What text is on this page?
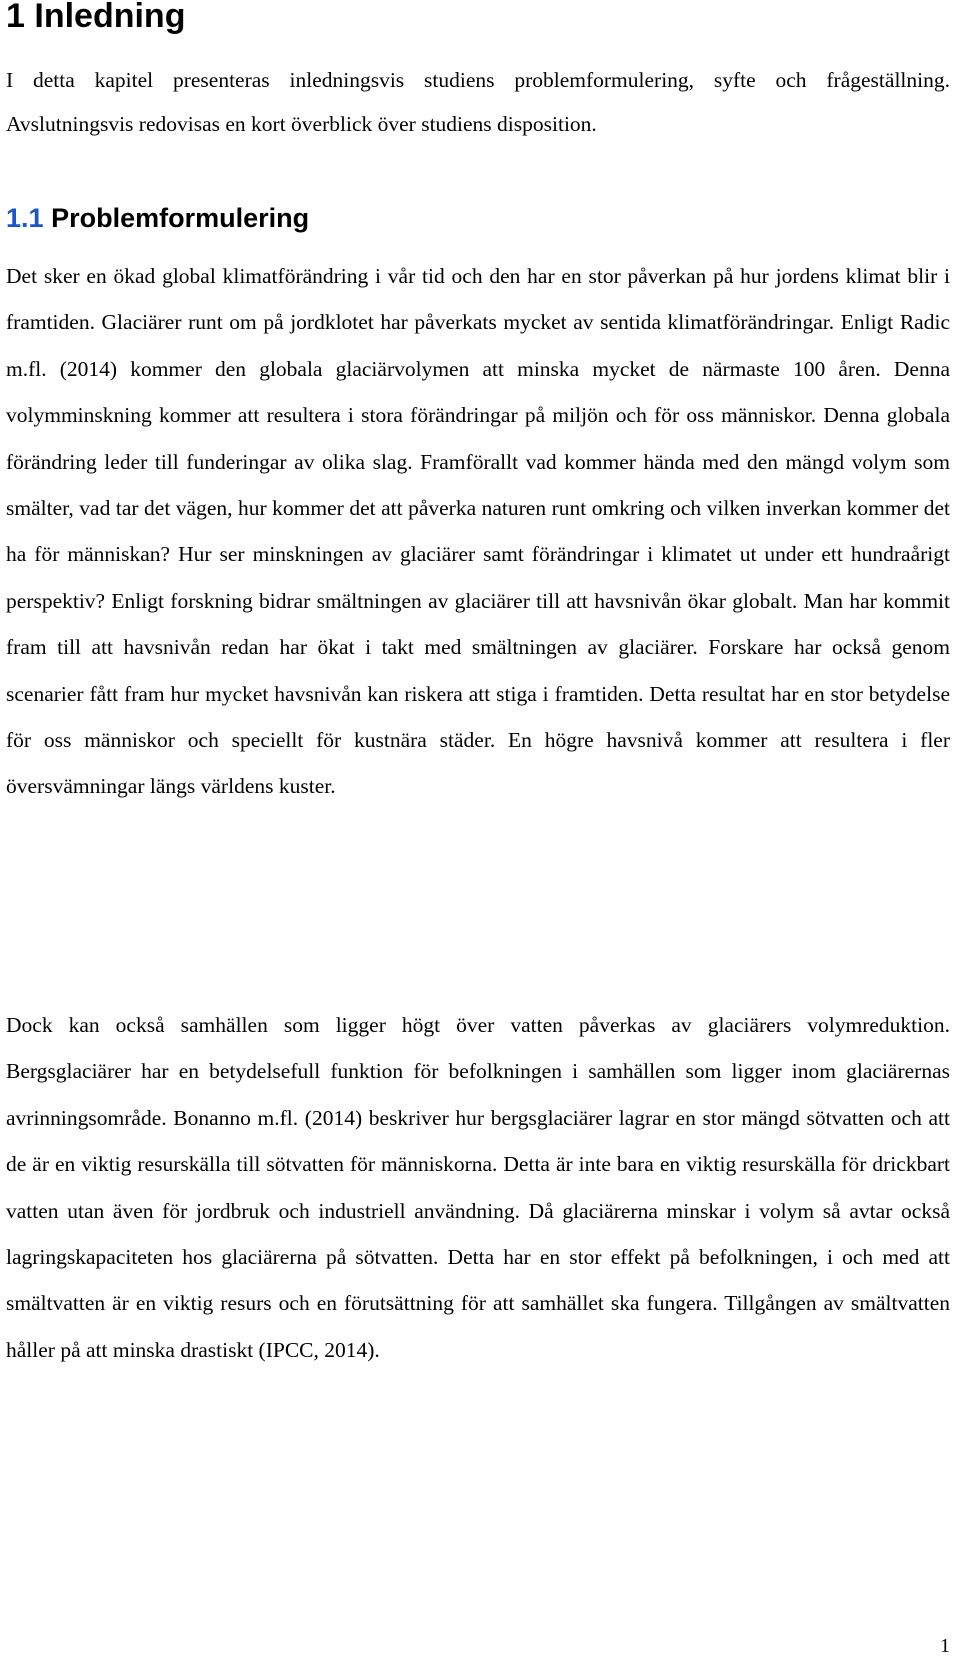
1 Inledning

I detta kapitel presenteras inledningsvis studiens problemformulering, syfte och frågeställning. Avslutningsvis redovisas en kort överblick över studiens disposition.

1.1 Problemformulering

Det sker en ökad global klimatförändring i vår tid och den har en stor påverkan på hur jordens klimat blir i framtiden. Glaciärer runt om på jordklotet har påverkats mycket av sentida klimatförändringar. Enligt Radic m.fl. (2014) kommer den globala glaciärvolymen att minska mycket de närmaste 100 åren. Denna volymminskning kommer att resultera i stora förändringar på miljön och för oss människor. Denna globala förändring leder till funderingar av olika slag. Framförallt vad kommer hända med den mängd volym som smälter, vad tar det vägen, hur kommer det att påverka naturen runt omkring och vilken inverkan kommer det ha för människan? Hur ser minskningen av glaciärer samt förändringar i klimatet ut under ett hundraårigt perspektiv? Enligt forskning bidrar smältningen av glaciärer till att havsnivån ökar globalt. Man har kommit fram till att havsnivån redan har ökat i takt med smältningen av glaciärer. Forskare har också genom scenarier fått fram hur mycket havsnivån kan riskera att stiga i framtiden. Detta resultat har en stor betydelse för oss människor och speciellt för kustnära städer. En högre havsnivå kommer att resultera i fler översvämningar längs världens kuster.

Dock kan också samhällen som ligger högt över vatten påverkas av glaciärers volymreduktion. Bergsglaciärer har en betydelsefull funktion för befolkningen i samhällen som ligger inom glaciärernas avrinningsområde. Bonanno m.fl. (2014) beskriver hur bergsglaciärer lagrar en stor mängd sötvatten och att de är en viktig resurskälla till sötvatten för människorna. Detta är inte bara en viktig resurskälla för drickbart vatten utan även för jordbruk och industriell användning. Då glaciärerna minskar i volym så avtar också lagringskapaciteten hos glaciärerna på sötvatten. Detta har en stor effekt på befolkningen, i och med att smältvatten är en viktig resurs och en förutsättning för att samhället ska fungera. Tillgången av smältvatten håller på att minska drastiskt (IPCC, 2014).

1
